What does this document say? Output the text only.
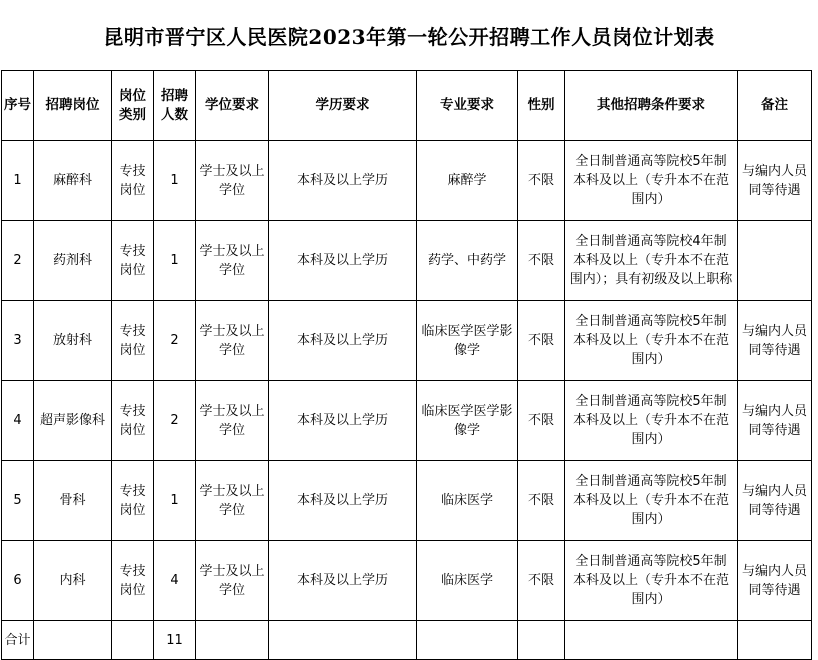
昆明市晋宁区人民医院2023年第一轮公开招聘工作人员岗位计划表
序号	招聘岗位	岗位类别	招聘人数	学位要求	学历要求	专业要求	性别	其他招聘条件要求	备注
1	麻醉科	专技岗位	1	学士及以上学位	本科及以上学历	麻醉学	不限	全日制普通高等院校5年制本科及以上（专升本不在范围内）	与编内人员同等待遇
2	药剂科	专技岗位	1	学士及以上学位	本科及以上学历	药学、中药学	不限	全日制普通高等院校4年制本科及以上（专升本不在范围内）；具有初级及以上职称	
3	放射科	专技岗位	2	学士及以上学位	本科及以上学历	临床医学医学影像学	不限	全日制普通高等院校5年制本科及以上（专升本不在范围内）	与编内人员同等待遇
4	超声影像科	专技岗位	2	学士及以上学位	本科及以上学历	临床医学医学影像学	不限	全日制普通高等院校5年制本科及以上（专升本不在范围内）	与编内人员同等待遇
5	骨科	专技岗位	1	学士及以上学位	本科及以上学历	临床医学	不限	全日制普通高等院校5年制本科及以上（专升本不在范围内）	与编内人员同等待遇
6	内科	专技岗位	4	学士及以上学位	本科及以上学历	临床医学	不限	全日制普通高等院校5年制本科及以上（专升本不在范围内）	与编内人员同等待遇
合计			11						
